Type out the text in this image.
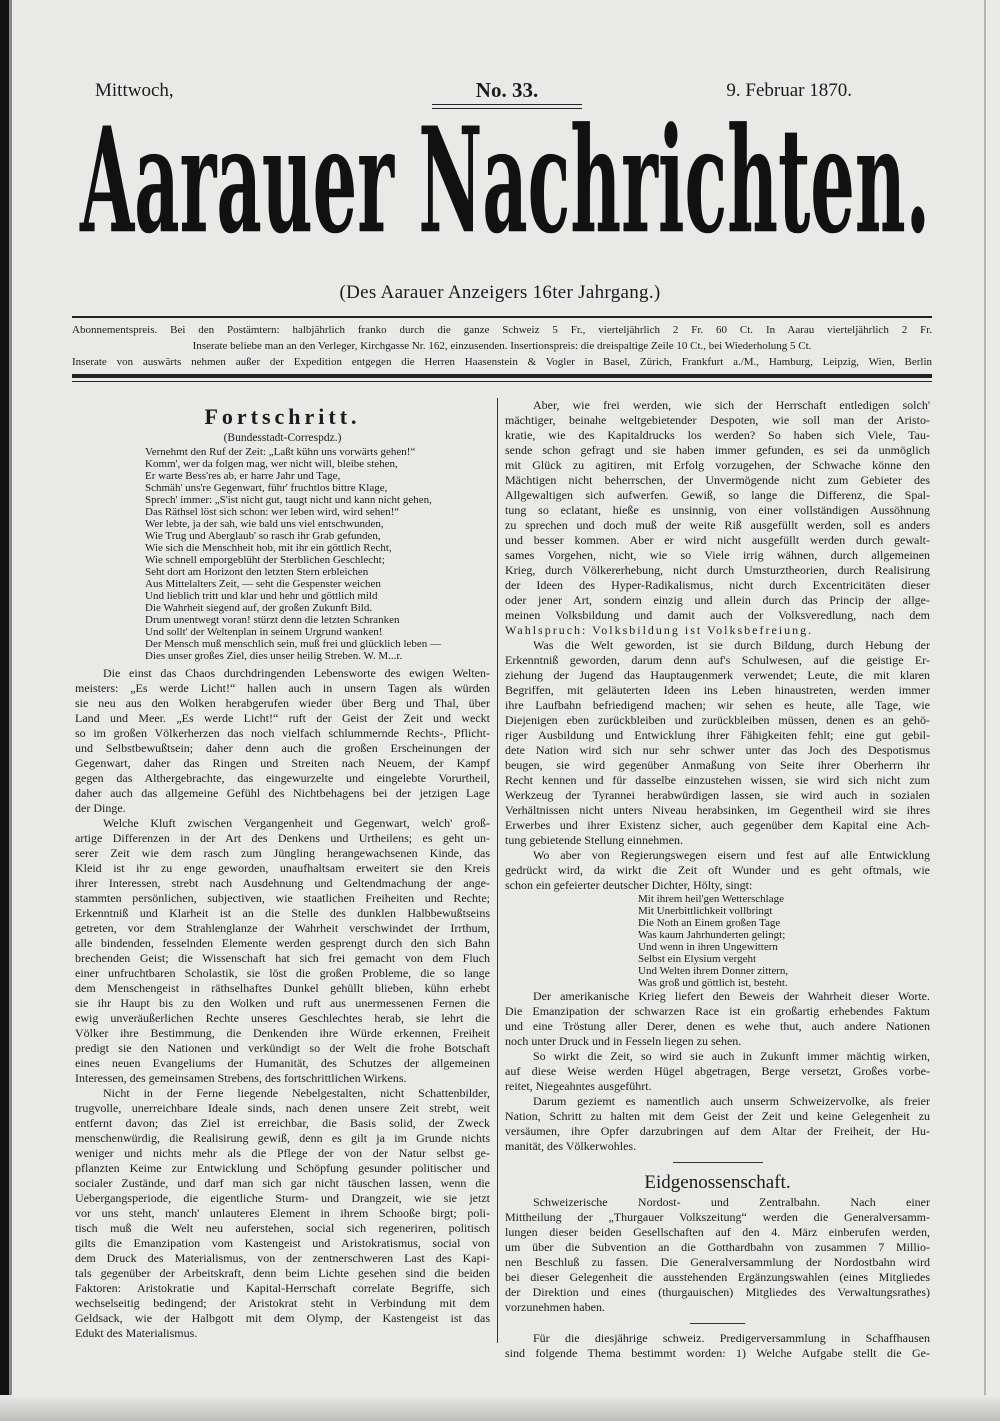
Mittwoch,	No. 33.	9. Februar 1870.
Aarauer Nachrichten.
(Des Aarauer Anzeigers 16ter Jahrgang.)
Abonnementspreis. Bei den Postämtern: halbjährlich franko durch die ganze Schweiz 5 Fr., vierteljährlich 2 Fr. 60 Ct. In Aarau vierteljährlich 2 Fr.
Inserate beliebe man an den Verleger, Kirchgasse Nr. 162, einzusenden. Insertionspreis: die dreispaltige Zeile 10 Ct., bei Wiederholung 5 Ct.
Inserate von auswärts nehmen außer der Expedition entgegen die Herren Haasenstein & Vogler in Basel, Zürich, Frankfurt a./M., Hamburg, Leipzig, Wien, Berlin
Fortschritt.
(Bundesstadt-Correspdz.)
Vernehmt den Ruf der Zeit: „Laßt kühn uns vorwärts gehen!“
Komm', wer da folgen mag, wer nicht will, bleibe stehen,
Er warte Bess'res ab, er harre Jahr und Tage,
Schmäh' uns're Gegenwart, führ' fruchtlos bittre Klage,
Sprech' immer: „S'ist nicht gut, taugt nicht und kann nicht gehen,
Das Räthsel löst sich schon: wer leben wird, wird sehen!“
Wer lebte, ja der sah, wie bald uns viel entschwunden,
Wie Trug und Aberglaub' so rasch ihr Grab gefunden,
Wie sich die Menschheit hob, mit ihr ein göttlich Recht,
Wie schnell emporgeblüht der Sterblichen Geschlecht;
Seht dort am Horizont den letzten Stern erbleichen
Aus Mittelalters Zeit, — seht die Gespenster weichen
Und lieblich tritt und klar und hehr und göttlich mild
Die Wahrheit siegend auf, der großen Zukunft Bild.
Drum unentwegt voran! stürzt denn die letzten Schranken
Und sollt' der Weltenplan in seinem Urgrund wanken!
Der Mensch muß menschlich sein, muß frei und glücklich leben —
Dies unser großes Ziel, dies unser heilig Streben. W. M...r.
Die einst das Chaos durchdringenden Lebensworte des ewigen Welten-
meisters: „Es werde Licht!“ hallen auch in unsern Tagen als würden
sie neu aus den Wolken herabgerufen wieder über Berg und Thal, über
Land und Meer. „Es werde Licht!“ ruft der Geist der Zeit und weckt
so im großen Völkerherzen das noch vielfach schlummernde Rechts-, Pflicht-
und Selbstbewußtsein; daher denn auch die großen Erscheinungen der
Gegenwart, daher das Ringen und Streiten nach Neuem, der Kampf
gegen das Althergebrachte, das eingewurzelte und eingelebte Vorurtheil,
daher auch das allgemeine Gefühl des Nichtbehagens bei der jetzigen Lage
der Dinge.
Welche Kluft zwischen Vergangenheit und Gegenwart, welch' groß-
artige Differenzen in der Art des Denkens und Urtheilens; es geht un-
serer Zeit wie dem rasch zum Jüngling herangewachsenen Kinde, das
Kleid ist ihr zu enge geworden, unaufhaltsam erweitert sie den Kreis
ihrer Interessen, strebt nach Ausdehnung und Geltendmachung der ange-
stammten persönlichen, subjectiven, wie staatlichen Freiheiten und Rechte;
Erkenntniß und Klarheit ist an die Stelle des dunklen Halbbewußtseins
getreten, vor dem Strahlenglanze der Wahrheit verschwindet der Irrthum,
alle bindenden, fesselnden Elemente werden gesprengt durch den sich Bahn
brechenden Geist; die Wissenschaft hat sich frei gemacht von dem Fluch
einer unfruchtbaren Scholastik, sie löst die großen Probleme, die so lange
dem Menschengeist in räthselhaftes Dunkel gehüllt blieben, kühn erhebt
sie ihr Haupt bis zu den Wolken und ruft aus unermessenen Fernen die
ewig unveräußerlichen Rechte unseres Geschlechtes herab, sie lehrt die
Völker ihre Bestimmung, die Denkenden ihre Würde erkennen, Freiheit
predigt sie den Nationen und verkündigt so der Welt die frohe Botschaft
eines neuen Evangeliums der Humanität, des Schutzes der allgemeinen
Interessen, des gemeinsamen Strebens, des fortschrittlichen Wirkens.
Nicht in der Ferne liegende Nebelgestalten, nicht Schattenbilder,
trugvolle, unerreichbare Ideale sinds, nach denen unsere Zeit strebt, weit
entfernt davon; das Ziel ist erreichbar, die Basis solid, der Zweck
menschenwürdig, die Realisirung gewiß, denn es gilt ja im Grunde nichts
weniger und nichts mehr als die Pflege der von der Natur selbst ge-
pflanzten Keime zur Entwicklung und Schöpfung gesunder politischer und
socialer Zustände, und darf man sich gar nicht täuschen lassen, wenn die
Uebergangsperiode, die eigentliche Sturm- und Drangzeit, wie sie jetzt
vor uns steht, manch' unlauteres Element in ihrem Schooße birgt; poli-
tisch muß die Welt neu auferstehen, social sich regeneriren, politisch
gilts die Emanzipation vom Kastengeist und Aristokratismus, social von
dem Druck des Materialismus, von der zentnerschweren Last des Kapi-
tals gegenüber der Arbeitskraft, denn beim Lichte gesehen sind die beiden
Faktoren: Aristokratie und Kapital-Herrschaft correlate Begriffe, sich
wechselseitig bedingend; der Aristokrat steht in Verbindung mit dem
Geldsack, wie der Halbgott mit dem Olymp, der Kastengeist ist das
Edukt des Materialismus.
Aber, wie frei werden, wie sich der Herrschaft entledigen solch'
mächtiger, beinahe weltgebietender Despoten, wie soll man der Aristo-
kratie, wie des Kapitaldrucks los werden? So haben sich Viele, Tau-
sende schon gefragt und sie haben immer gefunden, es sei da unmöglich
mit Glück zu agitiren, mit Erfolg vorzugehen, der Schwache könne den
Mächtigen nicht beherrschen, der Unvermögende nicht zum Gebieter des
Allgewaltigen sich aufwerfen. Gewiß, so lange die Differenz, die Spal-
tung so eclatant, hieße es unsinnig, von einer vollständigen Aussöhnung
zu sprechen und doch muß der weite Riß ausgefüllt werden, soll es anders
und besser kommen. Aber er wird nicht ausgefüllt werden durch gewalt-
sames Vorgehen, nicht, wie so Viele irrig wähnen, durch allgemeinen
Krieg, durch Völkererhebung, nicht durch Umsturztheorien, durch Realisirung
der Ideen des Hyper-Radikalismus, nicht durch Excentricitäten dieser
oder jener Art, sondern einzig und allein durch das Princip der allge-
meinen Volksbildung und damit auch der Volksveredlung, nach dem
Wahlspruch: Volksbildung ist Volksbefreiung.
Was die Welt geworden, ist sie durch Bildung, durch Hebung der
Erkenntniß geworden, darum denn auf's Schulwesen, auf die geistige Er-
ziehung der Jugend das Hauptaugenmerk verwendet; Leute, die mit klaren
Begriffen, mit geläuterten Ideen ins Leben hinaustreten, werden immer
ihre Laufbahn befriedigend machen; wir sehen es heute, alle Tage, wie
Diejenigen eben zurückbleiben und zurückbleiben müssen, denen es an gehö-
riger Ausbildung und Entwicklung ihrer Fähigkeiten fehlt; eine gut gebil-
dete Nation wird sich nur sehr schwer unter das Joch des Despotismus
beugen, sie wird gegenüber Anmaßung von Seite ihrer Oberherrn ihr
Recht kennen und für dasselbe einzustehen wissen, sie wird sich nicht zum
Werkzeug der Tyrannei herabwürdigen lassen, sie wird auch in sozialen
Verhältnissen nicht unters Niveau herabsinken, im Gegentheil wird sie ihres
Erwerbes und ihrer Existenz sicher, auch gegenüber dem Kapital eine Ach-
tung gebietende Stellung einnehmen.
Wo aber von Regierungswegen eisern und fest auf alle Entwicklung
gedrückt wird, da wirkt die Zeit oft Wunder und es geht oftmals, wie
schon ein gefeierter deutscher Dichter, Hölty, singt:
Mit ihrem heil'gen Wetterschlage
Mit Unerbittlichkeit vollbringt
Die Noth an Einem großen Tage
Was kaum Jahrhunderten gelingt;
Und wenn in ihren Ungewittern
Selbst ein Elysium vergeht
Und Welten ihrem Donner zittern,
Was groß und göttlich ist, besteht.
Der amerikanische Krieg liefert den Beweis der Wahrheit dieser Worte.
Die Emanzipation der schwarzen Race ist ein großartig erhebendes Faktum
und eine Tröstung aller Derer, denen es wehe thut, auch andere Nationen
noch unter Druck und in Fesseln liegen zu sehen.
So wirkt die Zeit, so wird sie auch in Zukunft immer mächtig wirken,
auf diese Weise werden Hügel abgetragen, Berge versetzt, Großes vorbe-
reitet, Niegeahntes ausgeführt.
Darum geziemt es namentlich auch unserm Schweizervolke, als freier
Nation, Schritt zu halten mit dem Geist der Zeit und keine Gelegenheit zu
versäumen, ihre Opfer darzubringen auf dem Altar der Freiheit, der Hu-
manität, des Völkerwohles.
Eidgenossenschaft.
Schweizerische Nordost- und Zentralbahn. Nach einer
Mittheilung der „Thurgauer Volkszeitung“ werden die Generalversamm-
lungen dieser beiden Gesellschaften auf den 4. März einberufen werden,
um über die Subvention an die Gotthardbahn von zusammen 7 Millio-
nen Beschluß zu fassen. Die Generalversammlung der Nordostbahn wird
bei dieser Gelegenheit die ausstehenden Ergänzungswahlen (eines Mitgliedes
der Direktion und eines (thurgauischen) Mitgliedes des Verwaltungsrathes)
vorzunehmen haben.
Für die diesjährige schweiz. Predigerversammlung in Schaffhausen
sind folgende Thema bestimmt worden: 1) Welche Aufgabe stellt die Ge-
